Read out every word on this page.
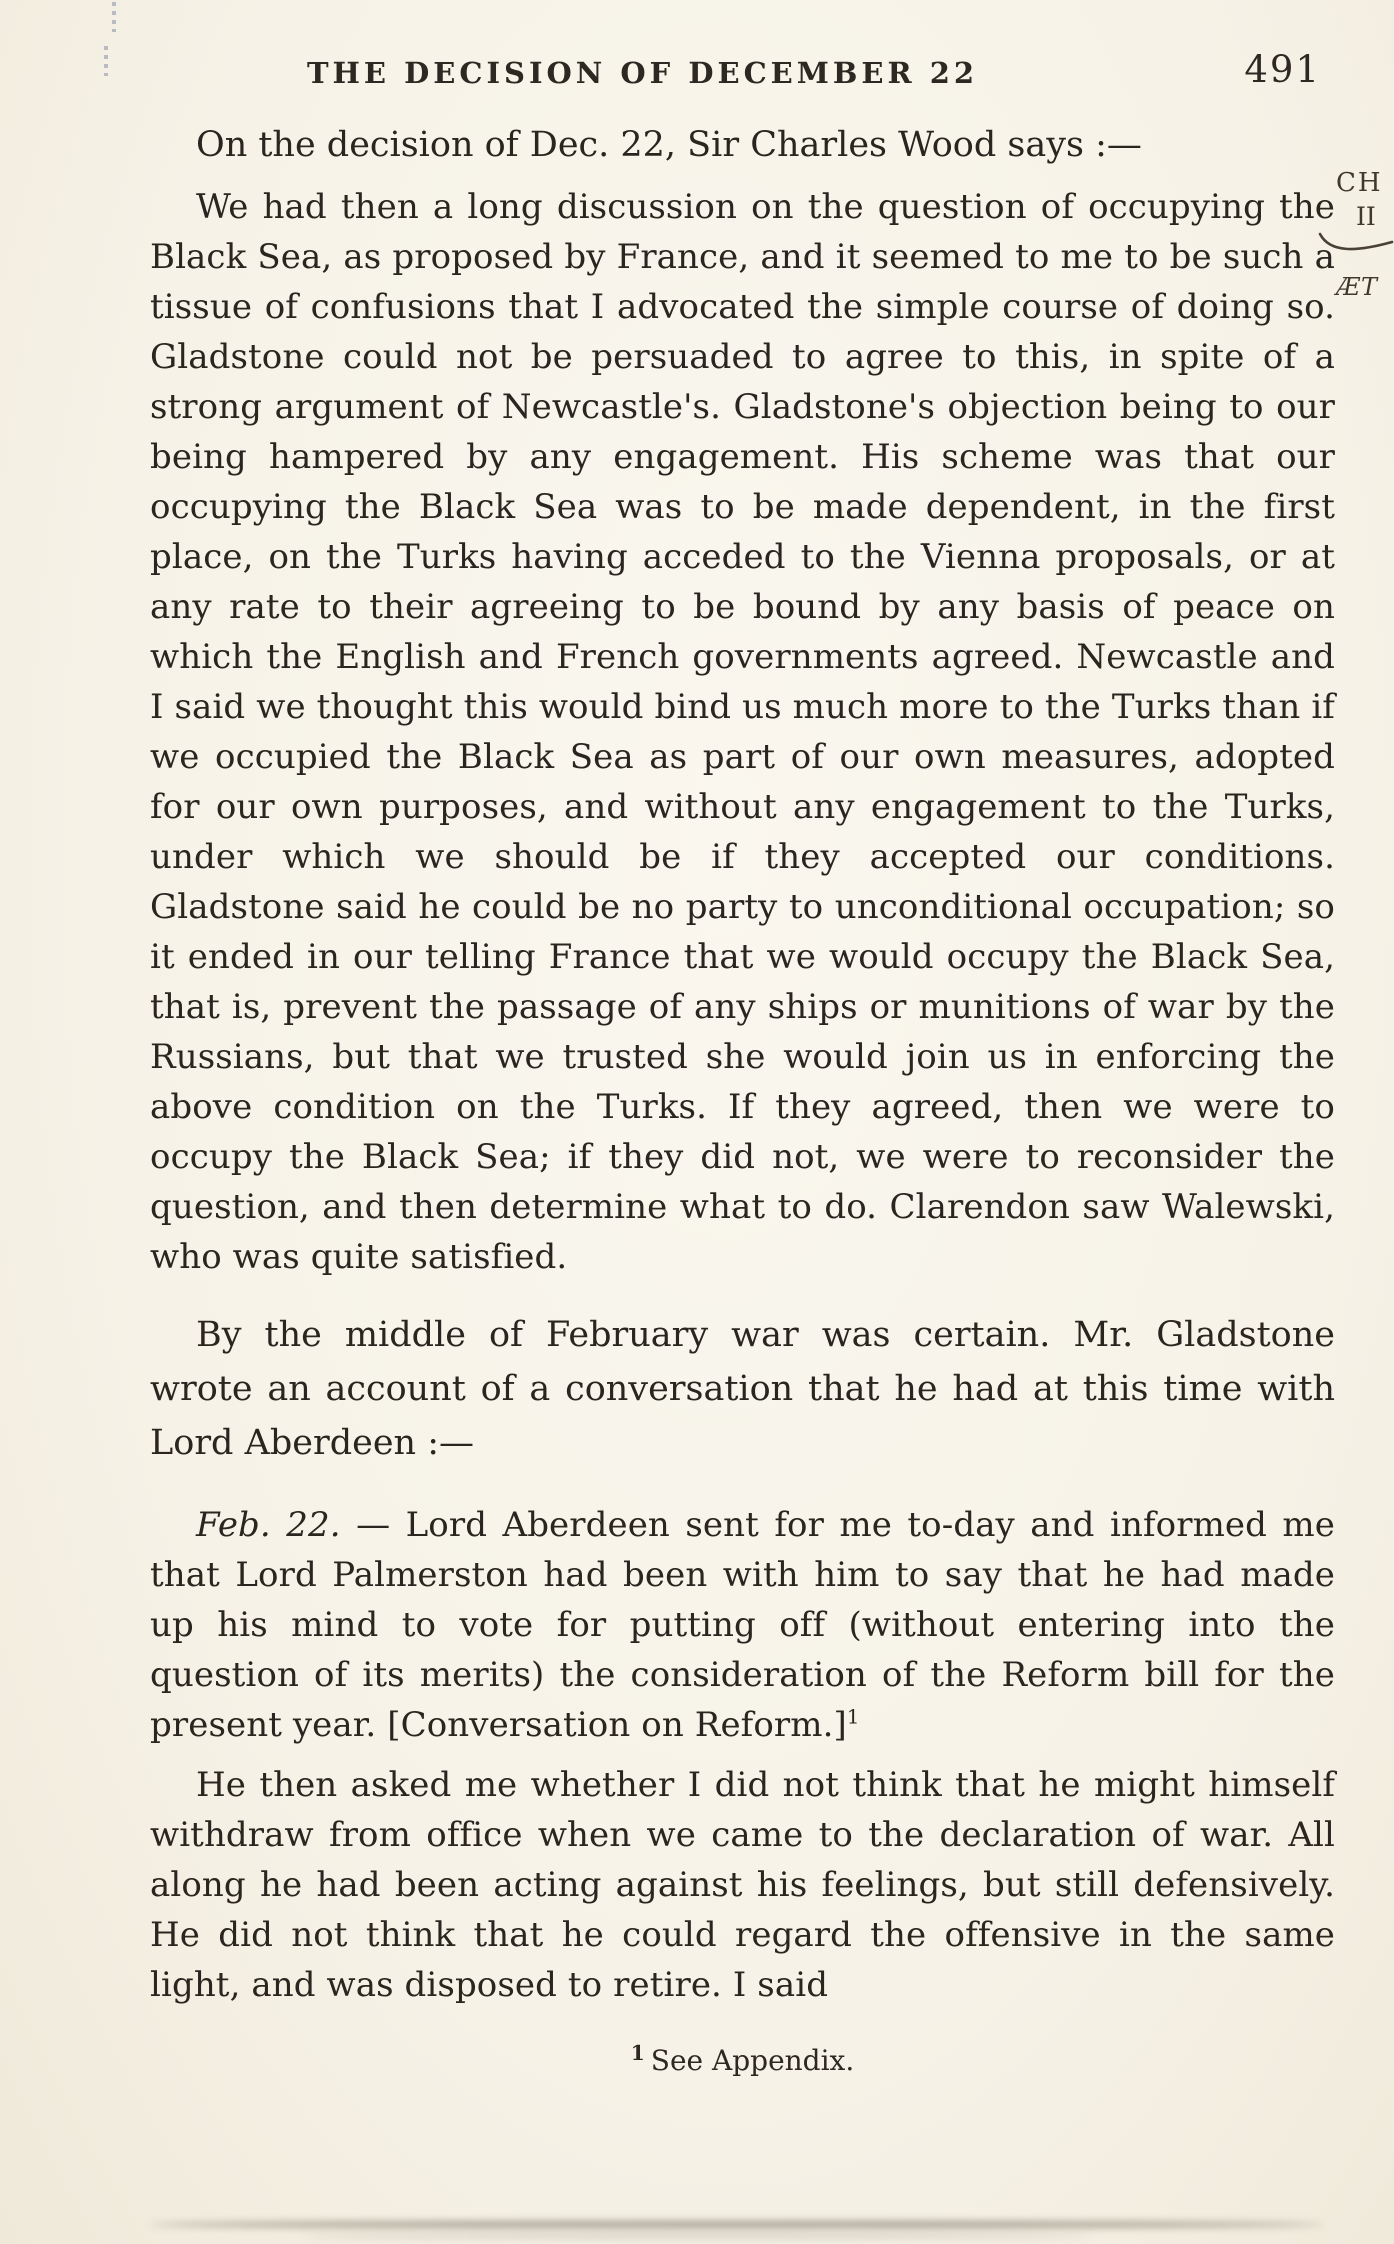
THE DECISION OF DECEMBER 22	491
CH
II
ÆT

On the decision of Dec. 22, Sir Charles Wood says :—

We had then a long discussion on the question of occupying the Black Sea, as proposed by France, and it seemed to me to be such a tissue of confusions that I advocated the simple course of doing so. Gladstone could not be persuaded to agree to this, in spite of a strong argument of Newcastle's. Gladstone's objection being to our being hampered by any engagement. His scheme was that our occupying the Black Sea was to be made dependent, in the first place, on the Turks having acceded to the Vienna proposals, or at any rate to their agreeing to be bound by any basis of peace on which the English and French governments agreed. Newcastle and I said we thought this would bind us much more to the Turks than if we occupied the Black Sea as part of our own measures, adopted for our own purposes, and without any engagement to the Turks, under which we should be if they accepted our conditions. Gladstone said he could be no party to unconditional occupation; so it ended in our telling France that we would occupy the Black Sea, that is, prevent the passage of any ships or munitions of war by the Russians, but that we trusted she would join us in enforcing the above condition on the Turks. If they agreed, then we were to occupy the Black Sea; if they did not, we were to reconsider the question, and then determine what to do. Clarendon saw Walewski, who was quite satisfied.

By the middle of February war was certain. Mr. Gladstone wrote an account of a conversation that he had at this time with Lord Aberdeen :—

Feb. 22. — Lord Aberdeen sent for me to-day and informed me that Lord Palmerston had been with him to say that he had made up his mind to vote for putting off (without entering into the question of its merits) the consideration of the Reform bill for the present year. [Conversation on Reform.]$^1$

He then asked me whether I did not think that he might himself withdraw from office when we came to the declaration of war. All along he had been acting against his feelings, but still defensively. He did not think that he could regard the offensive in the same light, and was disposed to retire. I said

$^1$ See Appendix.
